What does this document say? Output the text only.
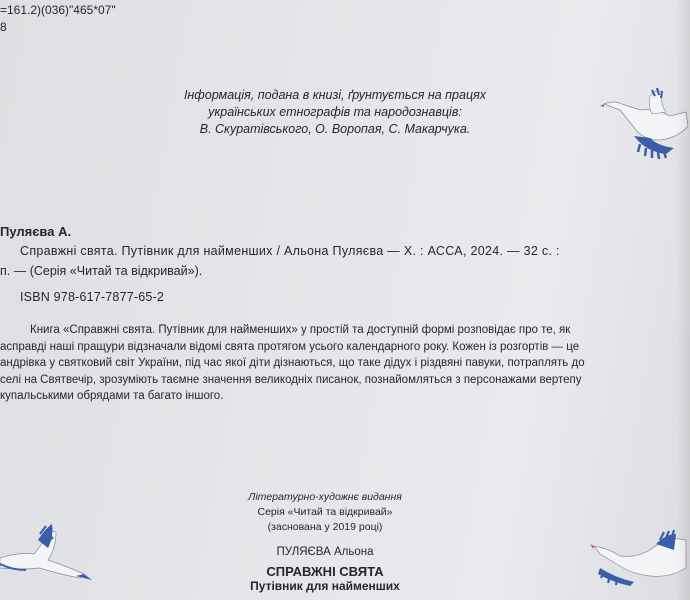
=161.2)(036)"465*07"
8
Інформація, подана в книзі, ґрунтується на працях
українських етнографів та народознавців:
В. Скуратівського, О. Воропая, С. Макарчука.
Пуляєва А.
Справжні свята. Путівник для найменших / Альона Пуляєва — Х. : АССА, 2024. — 32 с. :
п. — (Серія «Читай та відкривай»).
ISBN 978-617-7877-65-2
Книга «Справжні свята. Путівник для найменших» у простій та доступній формі розповідає про те, як
асправді наші пращури відзначали відомі свята протягом усього календарного року. Кожен із розгортів — це
андрівка у святковий світ України, під час якої діти дізнаються, що таке дідух і різдвяні павуки, потраплять до
селі на Святвечір, зрозуміють таємне значення великодніх писанок, познайомляться з персонажами вертепу
купальськими обрядами та багато іншого.
Літературно-художнє видання
Серія «Читай та відкривай»
(заснована у 2019 році)
ПУЛЯЄВА Альона
СПРАВЖНІ СВЯТА
Путівник для найменших
